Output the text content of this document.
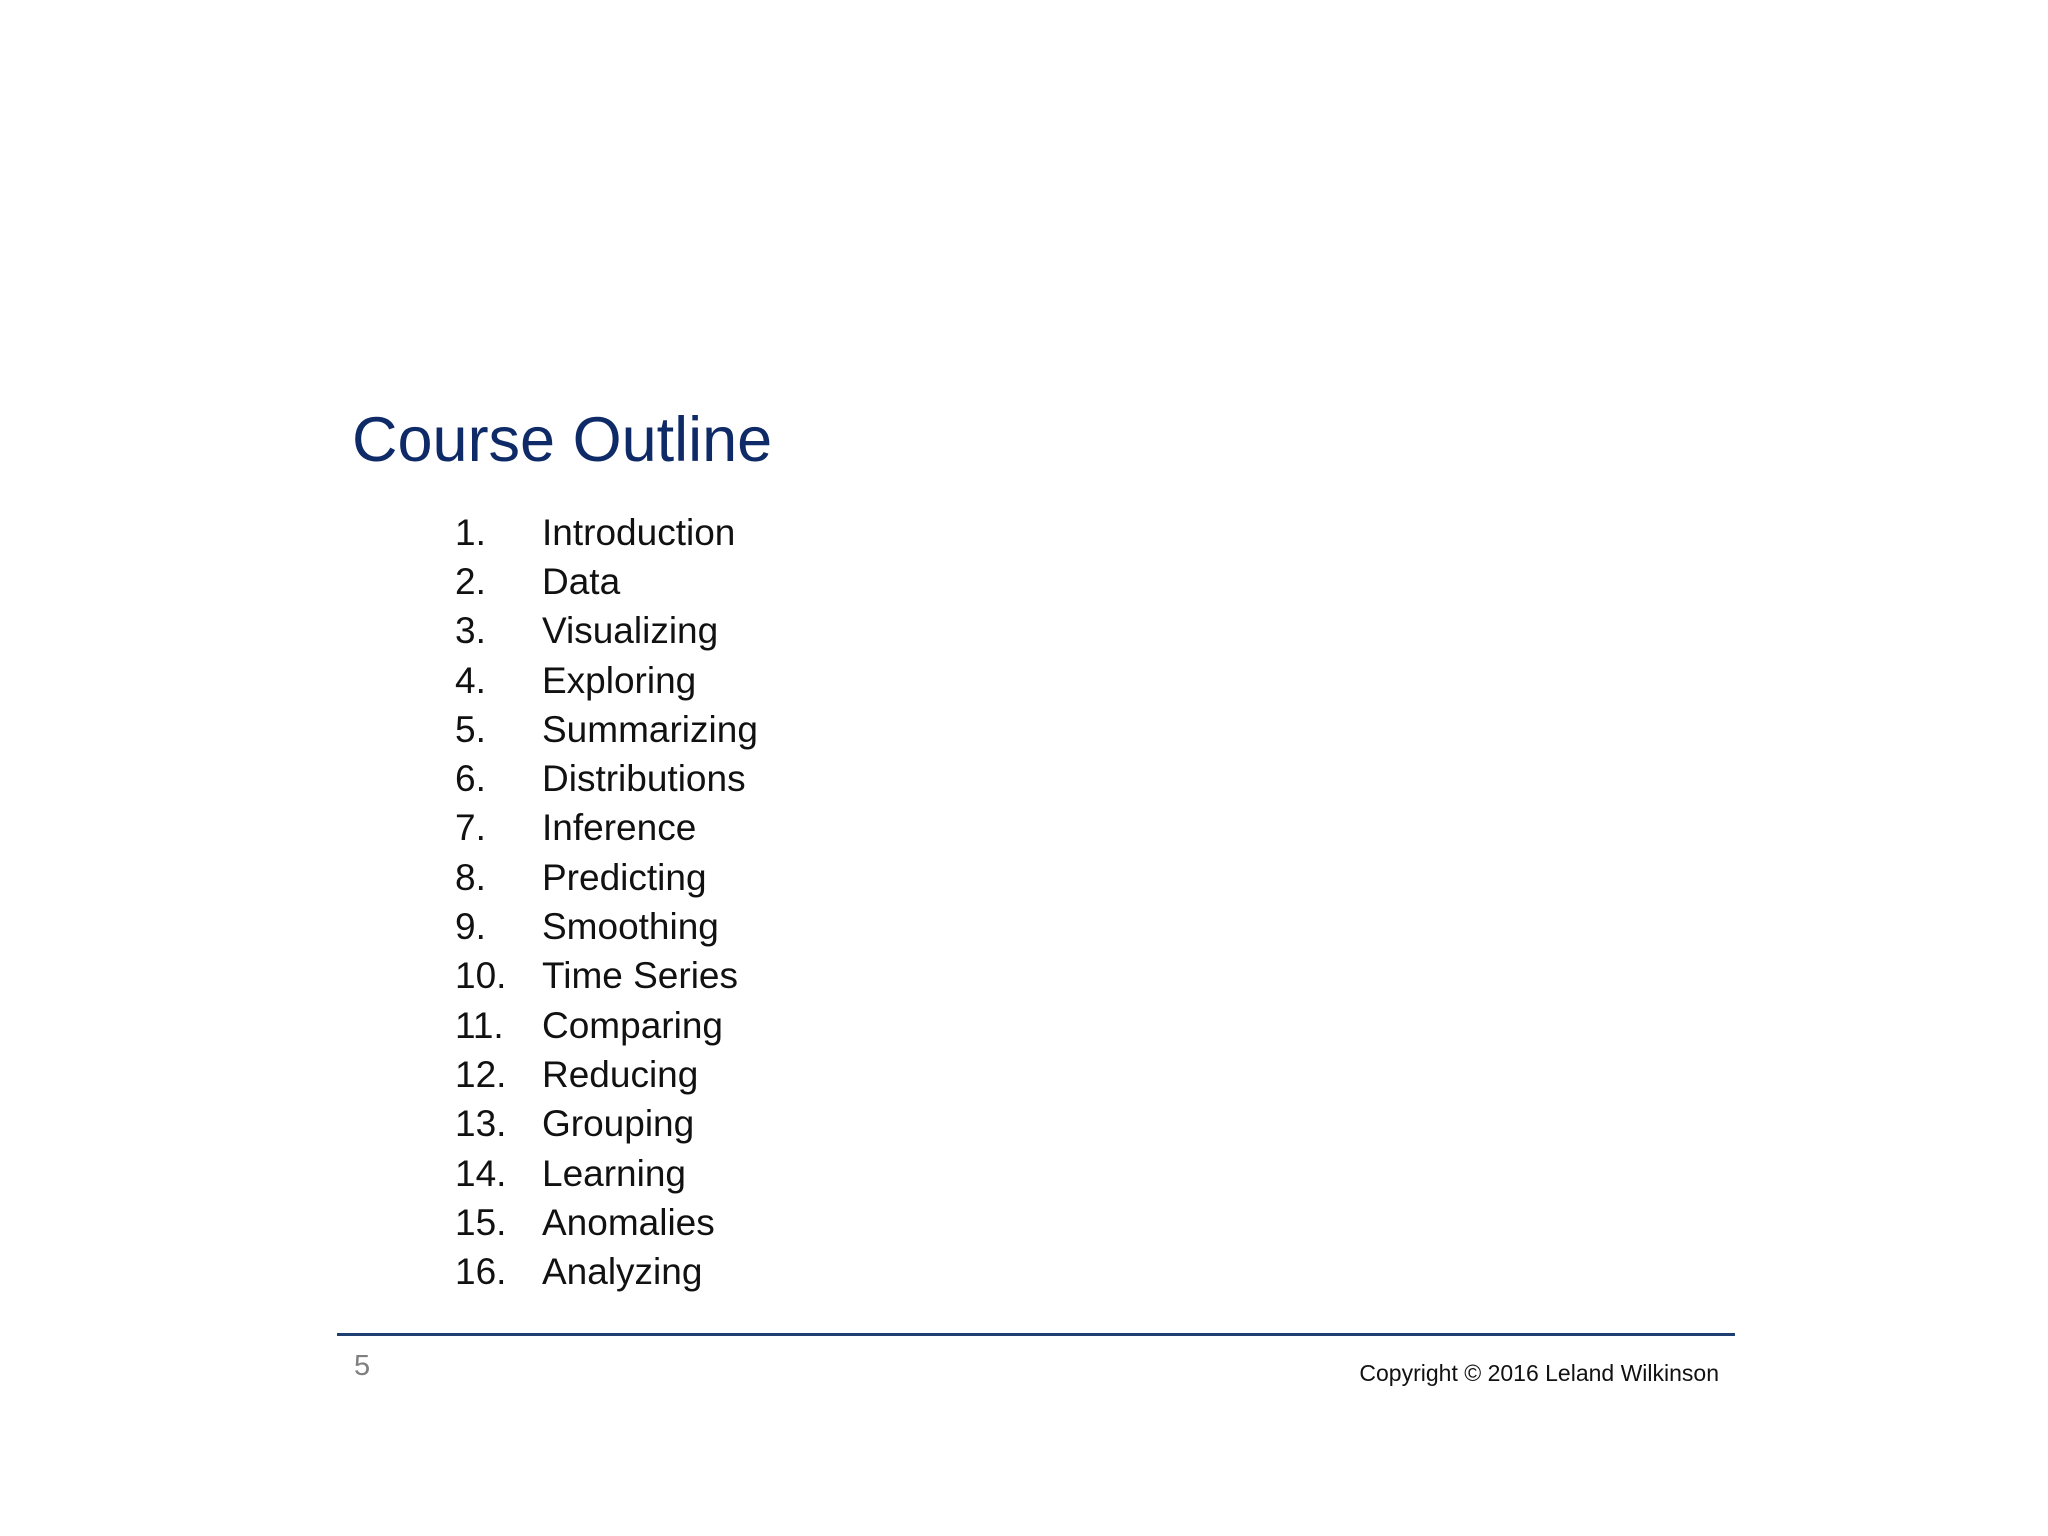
Course Outline
1.	Introduction
2.	Data
3.	Visualizing
4.	Exploring
5.	Summarizing
6.	Distributions
7.	Inference
8.	Predicting
9.	Smoothing
10. Time Series
11.	Comparing
12. Reducing
13. Grouping
14. Learning
15. Anomalies
16. Analyzing
5	Copyright © 2016 Leland Wilkinson
